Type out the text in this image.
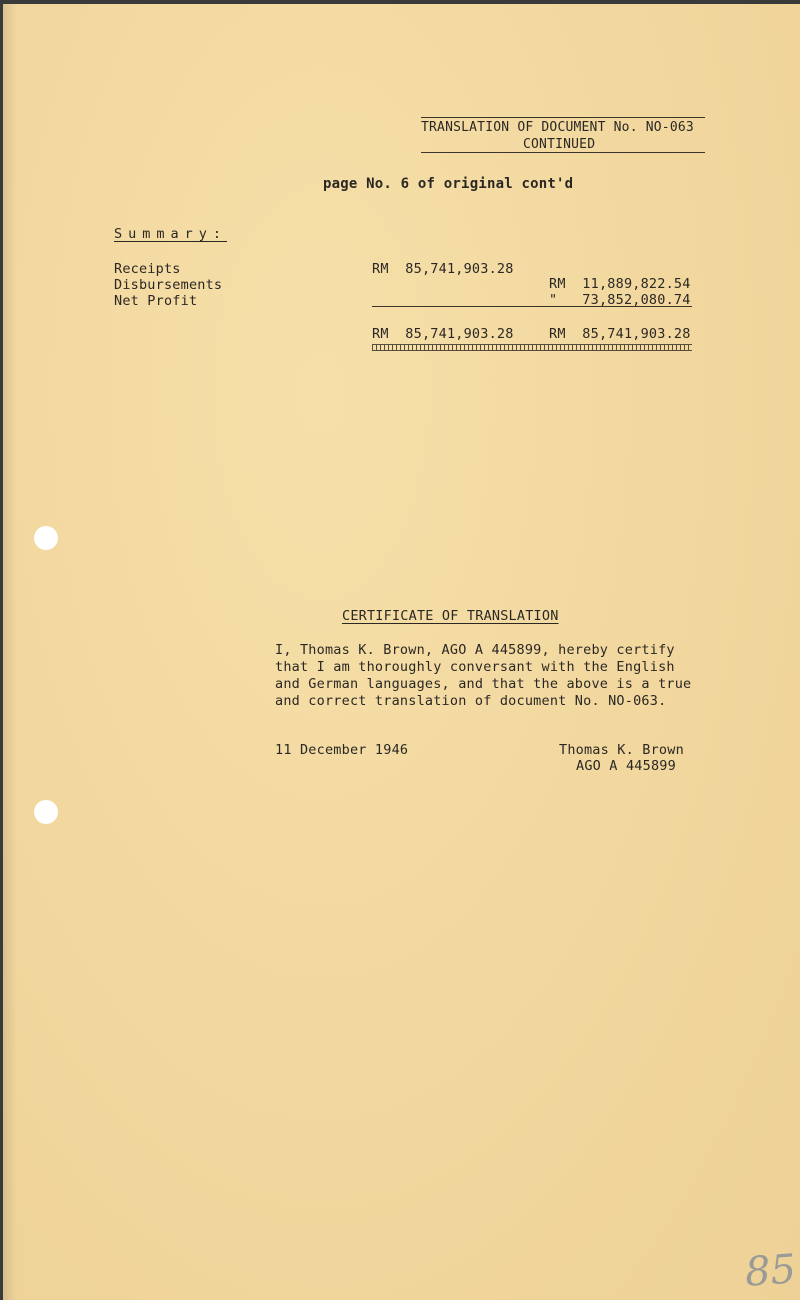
TRANSLATION OF DOCUMENT No. NO-063
CONTINUED
page No. 6 of original cont'd
Summary:
Receipts
Disbursements
Net Profit
RM  85,741,903.28
RM  11,889,822.54
"   73,852,080.74
RM  85,741,903.28	RM  85,741,903.28
CERTIFICATE OF TRANSLATION
I, Thomas K. Brown, AGO A 445899, hereby certify
that I am thoroughly conversant with the English
and German languages, and that the above is a true
and correct translation of document No. NO-063.
11 December 1946	Thomas K. Brown
AGO A 445899
85
